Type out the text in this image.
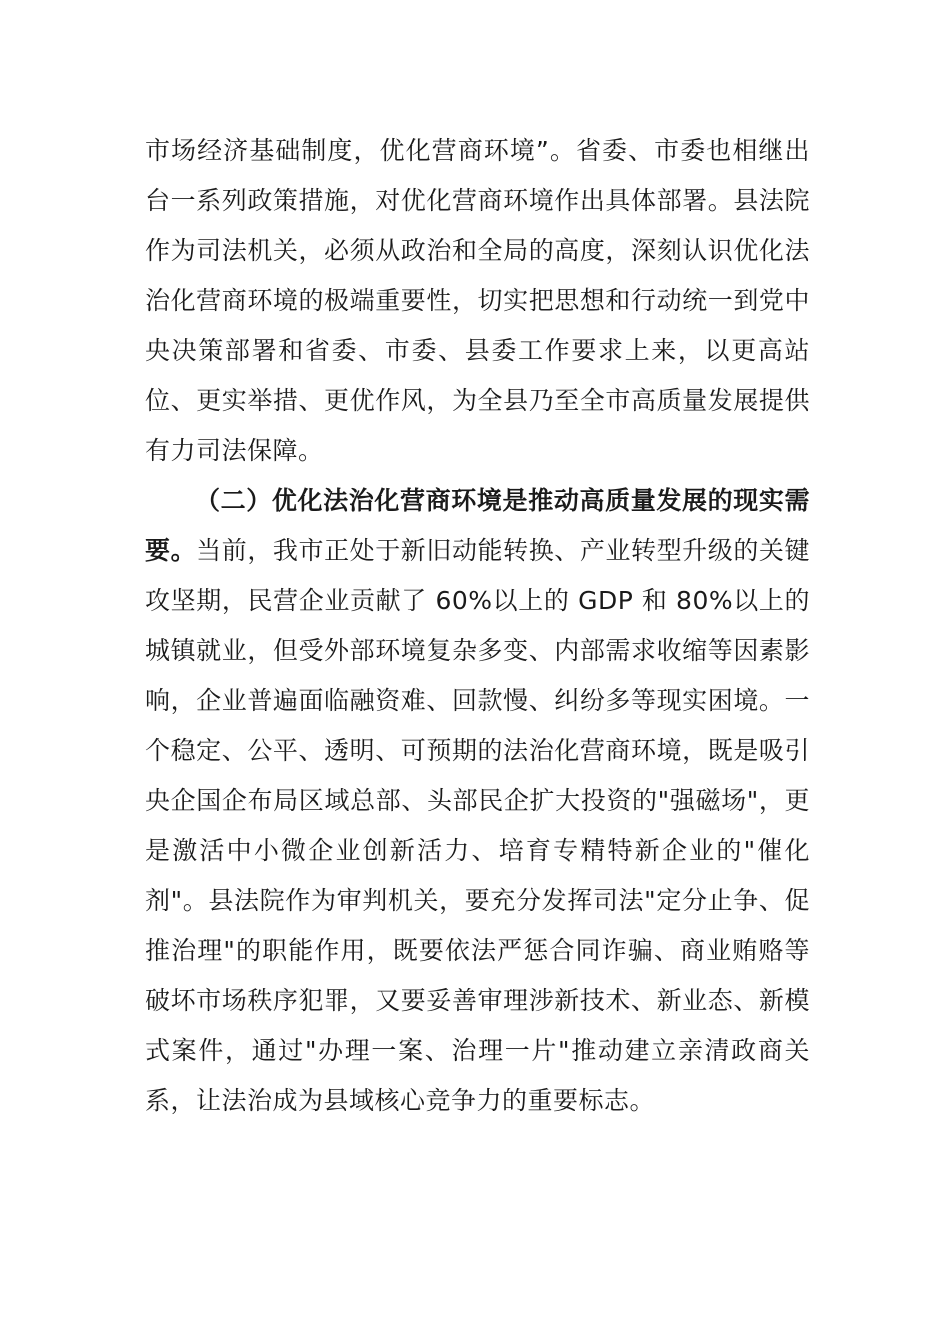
市场经济基础制度，优化营商环境”。省委、市委也相继出台一系列政策措施，对优化营商环境作出具体部署。县法院作为司法机关，必须从政治和全局的高度，深刻认识优化法治化营商环境的极端重要性，切实把思想和行动统一到党中央决策部署和省委、市委、县委工作要求上来，以更高站位、更实举措、更优作风，为全县乃至全市高质量发展提供有力司法保障。

（二）优化法治化营商环境是推动高质量发展的现实需要。当前，我市正处于新旧动能转换、产业转型升级的关键攻坚期，民营企业贡献了 60%以上的 GDP 和 80%以上的城镇就业，但受外部环境复杂多变、内部需求收缩等因素影响，企业普遍面临融资难、回款慢、纠纷多等现实困境。一个稳定、公平、透明、可预期的法治化营商环境，既是吸引央企国企布局区域总部、头部民企扩大投资的"强磁场"，更是激活中小微企业创新活力、培育专精特新企业的"催化剂"。县法院作为审判机关，要充分发挥司法"定分止争、促推治理"的职能作用，既要依法严惩合同诈骗、商业贿赂等破坏市场秩序犯罪，又要妥善审理涉新技术、新业态、新模式案件，通过"办理一案、治理一片"推动建立亲清政商关系，让法治成为县域核心竞争力的重要标志。
